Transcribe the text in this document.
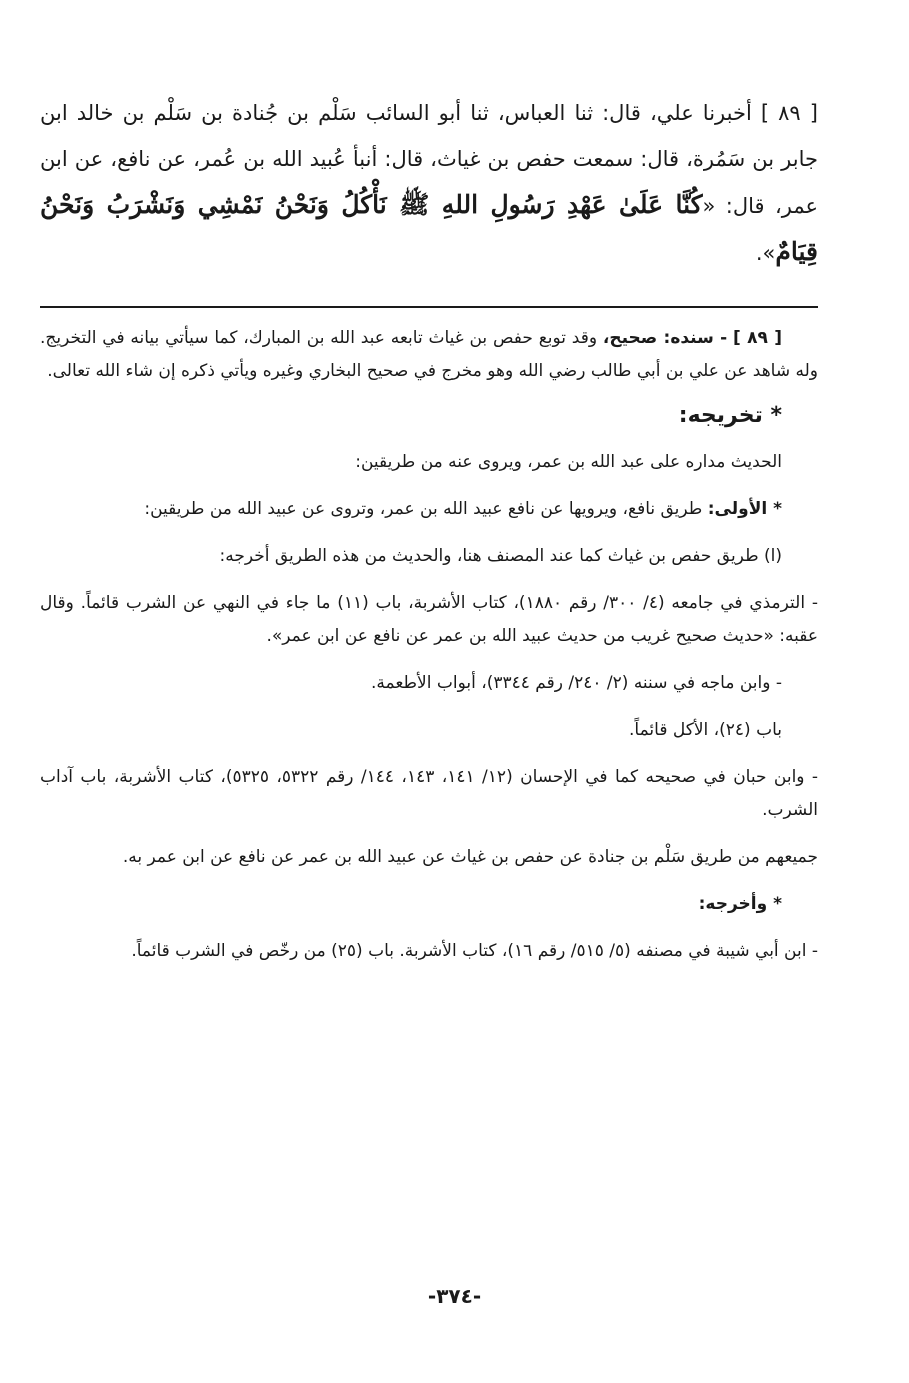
[ ٨٩ ] أخبرنا علي، قال: ثنا العباس، ثنا أبو السائب سَلْم بن جُنادة بن سَلْم بن خالد ابن جابر بن سَمُرة، قال: سمعت حفص بن غياث، قال: أنبأ عُبيد الله بن عُمر، عن نافع، عن ابن عمر، قال: «كُنَّا عَلَىٰ عَهْدِ رَسُولِ اللهِ ﷺ نَأْكُلُ وَنَحْنُ نَمْشِي وَنَشْرَبُ وَنَحْنُ قِيَامٌ».

[ ٨٩ ] - سنده: صحيح، وقد توبع حفص بن غياث تابعه عبد الله بن المبارك، كما سيأتي بيانه في التخريج. وله شاهد عن علي بن أبي طالب رضي الله وهو مخرج في صحيح البخاري وغيره ويأتي ذكره إن شاء الله تعالى.

* تخريجه:

الحديث مداره على عبد الله بن عمر، ويروى عنه من طريقين:

* الأولى: طريق نافع، ويرويها عن نافع عبيد الله بن عمر، وتروى عن عبيد الله من طريقين:

(ا) طريق حفص بن غياث كما عند المصنف هنا، والحديث من هذه الطريق أخرجه:

- الترمذي في جامعه (٤/ ٣٠٠/ رقم ١٨٨٠)، كتاب الأشربة، باب (١١) ما جاء في النهي عن الشرب قائماً. وقال عقبه: «حديث صحيح غريب من حديث عبيد الله بن عمر عن نافع عن ابن عمر».

- وابن ماجه في سننه (٢/ ٢٤٠/ رقم ٣٣٤٤)، أبواب الأطعمة.

باب (٢٤)، الأكل قائماً.

- وابن حبان في صحيحه كما في الإحسان (١٢/ ١٤١، ١٤٣، ١٤٤/ رقم ٥٣٢٢، ٥٣٢٥)، كتاب الأشربة، باب آداب الشرب.

جميعهم من طريق سَلْم بن جنادة عن حفص بن غياث عن عبيد الله بن عمر عن نافع عن ابن عمر به.

* وأخرجه:

- ابن أبي شيبة في مصنفه (٥/ ٥١٥/ رقم ١٦)، كتاب الأشربة. باب (٢٥) من رخّص في الشرب قائماً.

-٣٧٤-
